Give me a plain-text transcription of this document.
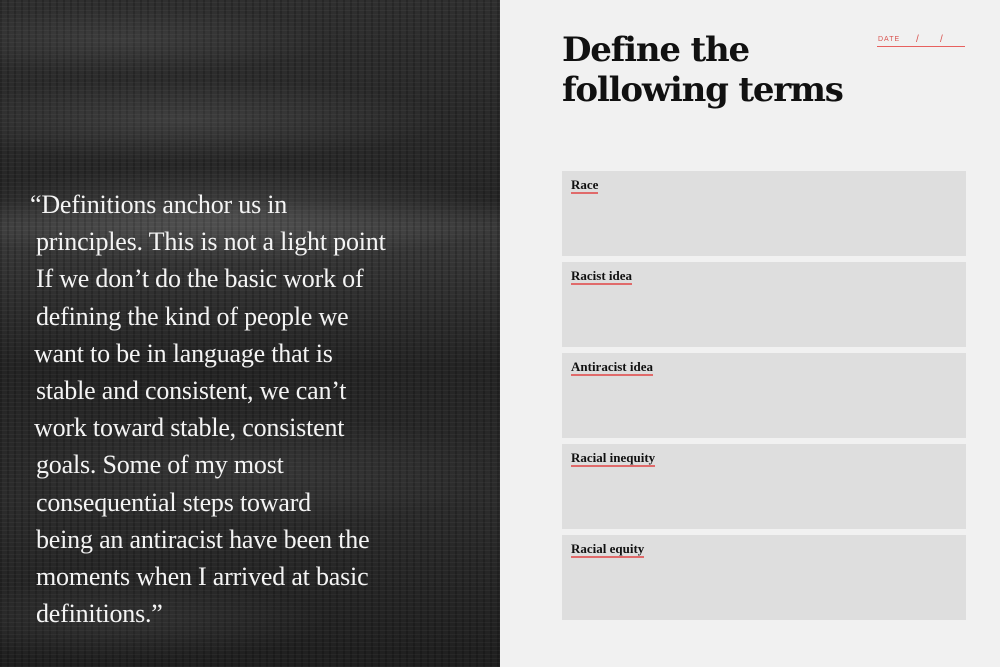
“Definitions anchor us in
principles. This is not a light point
If we don’t do the basic work of
defining the kind of people we
want to be in language that is
stable and consistent, we can’t
work toward stable, consistent
goals. Some of my most
consequential steps toward
being an antiracist have been the
moments when I arrived at basic
definitions.”

Define the
following terms
DATE / /
Race
Racist idea
Antiracist idea
Racial inequity
Racial equity
